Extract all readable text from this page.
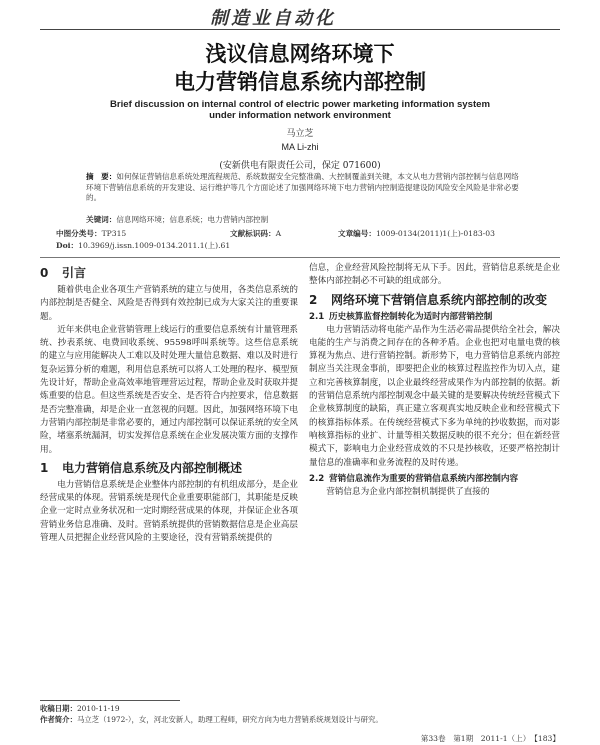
制造业自动化
浅议信息网络环境下
电力营销信息系统内部控制
Brief discussion on internal control of electric power marketing information system
under information network environment
马立芝
MA Li-zhi
(安新供电有限责任公司，保定 071600)
摘　要：如何保证营销信息系统处理流程规范、系统数据安全完整准确、大控制覆盖到关键，本文从电力营销内部控制与信息网络环境下营销信息系统的开发建设、运行维护等几个方面论述了加强网络环境下电力营销内控制造提建设防风险安全风险是非常必要的。
关键词：信息网络环境；信息系统；电力营销内部控制
中图分类号：TP315	文献标识码：A	文章编号：1009-0134(2011)1(上)-0183-03
Doi：10.3969/j.issn.1009-0134.2011.1(上).61
0	引言

随着供电企业各项生产营销系统的建立与使用，各类信息系统的内部控制是否健全、风险是否得到有效控制已成为大家关注的重要课题。

近年来供电企业营销管理上线运行的重要信息系统有计量管理系统、抄表系统、电费回收系统、95598呼叫系统等。这些信息系统的建立与应用能解决人工难以及时处理大量信息数据、难以及时进行复杂运算分析的难题，利用信息系统可以将人工处理的程序、模型预先设计好，帮助企业高效率地管理营运过程，帮助企业及时获取并提炼重要的信息。但这些系统是否安全、是否符合内控要求，信息数据是否完整准确，却是企业一直忽视的问题。因此，加强网络环境下电力营销内部控制是非常必要的，通过内部控制可以保证系统的安全风险，堵塞系统漏洞，切实发挥信息系统在企业发展决策方面的支撑作用。

1	电力营销信息系统及内部控制概述

电力营销信息系统是企业整体内部控制的有机组成部分，是企业经营成果的体现。营销系统是现代企业重要职能部门，其职能是反映企业一定时点业务状况和一定时期经营成果的体现，并保证企业各项营销业务信息准确、及时。营销系统提供的营销数据信息是企业高层管理人员把握企业经营风险的主要途径，没有营销系统提供的

信息，企业经营风险控制将无从下手。因此，营销信息系统是企业整体内部控制必不可缺的组成部分。

2	网络环境下营销信息系统内部控制的改变
2.1 历史核算监督控制转化为适时内部营销控制

电力营销活动将电能产品作为生活必需品提供给全社会，解决电能的生产与消费之间存在的各种矛盾。企业也把对电量电费的核算视为焦点、进行营销控制。新形势下，电力营销信息系统内部控制应当关注现金事前，即要把企业的核算过程监控作为切入点，建立和完善核算制度，以企业最终经营成果作为内部控制的依据。新的营销信息系统内部控制观念中最关键的是要解决传统经营模式下企业核算制度的缺陷，真正建立客观真实地反映企业和经营模式下的核算指标体系。在传统经营模式下多为单纯的抄收数据，而对影响核算指标的业扩、计量等相关数据反映的很不充分；但在新经营模式下，影响电力企业经营成效的不只是抄核收，还要严格控制计量信息的准确率和业务流程的及时传递。

2.2 营销信息流作为重要的营销信息系统内部控制内容

营销信息为企业内部控制机制提供了直接的

收稿日期：2010-11-19
作者简介：马立芝（1972-），女，河北安新人，助理工程师，研究方向为电力营销系统规划设计与研究。
第33卷　第1期　2011-1（上）　【183】
